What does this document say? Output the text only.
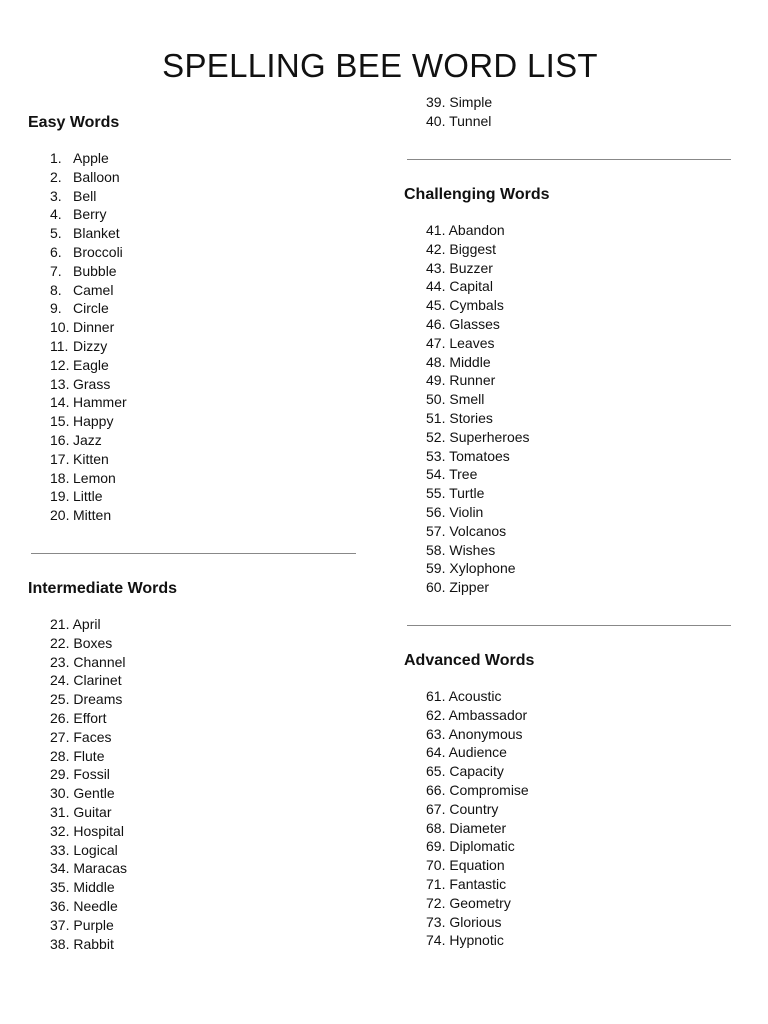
SPELLING BEE WORD LIST
Easy Words
1. Apple
2. Balloon
3. Bell
4. Berry
5. Blanket
6. Broccoli
7. Bubble
8. Camel
9. Circle
10. Dinner
11. Dizzy
12. Eagle
13. Grass
14. Hammer
15. Happy
16. Jazz
17. Kitten
18. Lemon
19. Little
20. Mitten
Intermediate Words
21. April
22. Boxes
23. Channel
24. Clarinet
25. Dreams
26. Effort
27. Faces
28. Flute
29. Fossil
30. Gentle
31. Guitar
32. Hospital
33. Logical
34. Maracas
35. Middle
36. Needle
37. Purple
38. Rabbit
39. Simple
40. Tunnel
Challenging Words
41. Abandon
42. Biggest
43. Buzzer
44. Capital
45. Cymbals
46. Glasses
47. Leaves
48. Middle
49. Runner
50. Smell
51. Stories
52. Superheroes
53. Tomatoes
54. Tree
55. Turtle
56. Violin
57. Volcanos
58. Wishes
59. Xylophone
60. Zipper
Advanced Words
61. Acoustic
62. Ambassador
63. Anonymous
64. Audience
65. Capacity
66. Compromise
67. Country
68. Diameter
69. Diplomatic
70. Equation
71. Fantastic
72. Geometry
73. Glorious
74. Hypnotic
